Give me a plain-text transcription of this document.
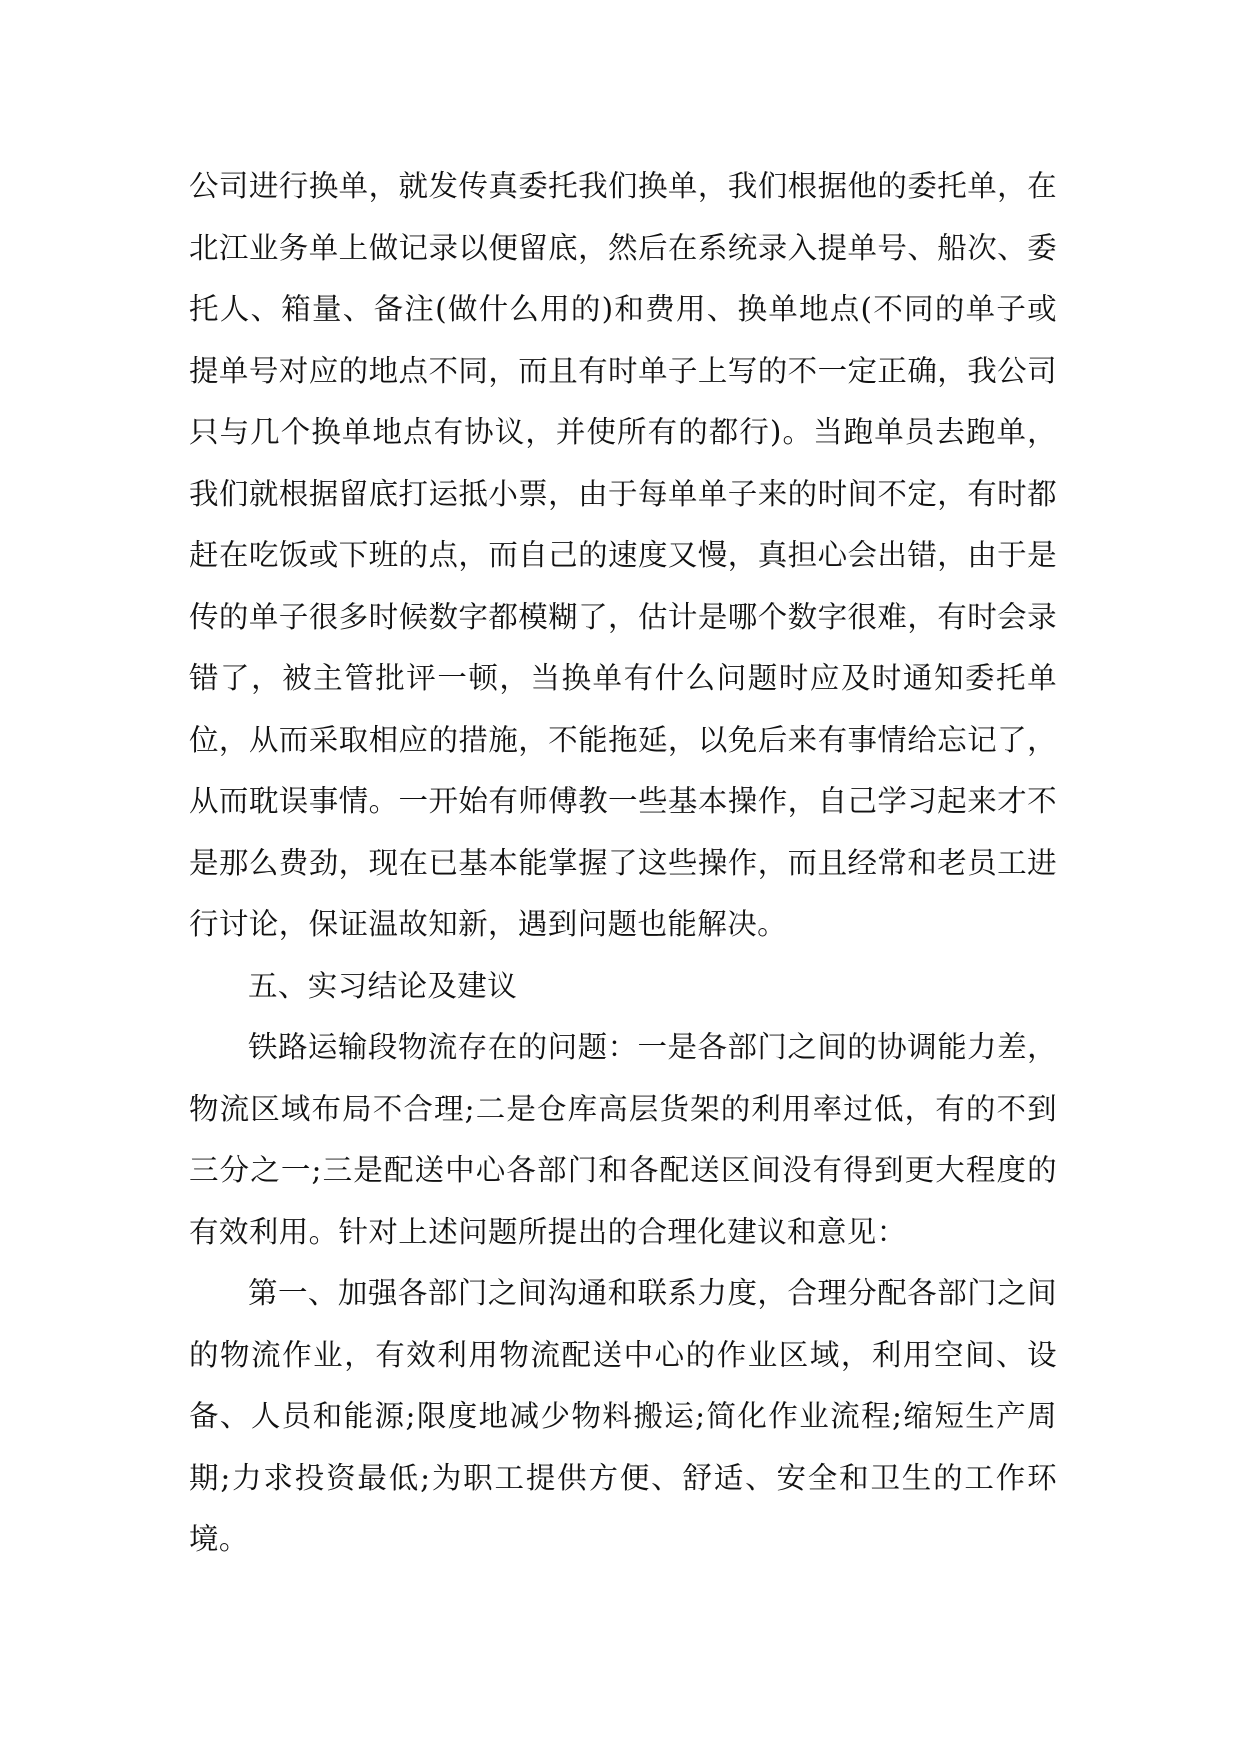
公司进行换单，就发传真委托我们换单，我们根据他的委托单，在北江业务单上做记录以便留底，然后在系统录入提单号、船次、委托人、箱量、备注(做什么用的)和费用、换单地点(不同的单子或提单号对应的地点不同，而且有时单子上写的不一定正确，我公司只与几个换单地点有协议，并使所有的都行)。当跑单员去跑单，我们就根据留底打运抵小票，由于每单单子来的时间不定，有时都赶在吃饭或下班的点，而自己的速度又慢，真担心会出错，由于是传的单子很多时候数字都模糊了，估计是哪个数字很难，有时会录错了，被主管批评一顿，当换单有什么问题时应及时通知委托单位，从而采取相应的措施，不能拖延，以免后来有事情给忘记了，从而耽误事情。一开始有师傅教一些基本操作，自己学习起来才不是那么费劲，现在已基本能掌握了这些操作，而且经常和老员工进行讨论，保证温故知新，遇到问题也能解决。

五、实习结论及建议

铁路运输段物流存在的问题：一是各部门之间的协调能力差，物流区域布局不合理;二是仓库高层货架的利用率过低，有的不到三分之一;三是配送中心各部门和各配送区间没有得到更大程度的有效利用。针对上述问题所提出的合理化建议和意见：

第一、加强各部门之间沟通和联系力度，合理分配各部门之间的物流作业，有效利用物流配送中心的作业区域，利用空间、设备、人员和能源;限度地减少物料搬运;简化作业流程;缩短生产周期;力求投资最低;为职工提供方便、舒适、安全和卫生的工作环境。
